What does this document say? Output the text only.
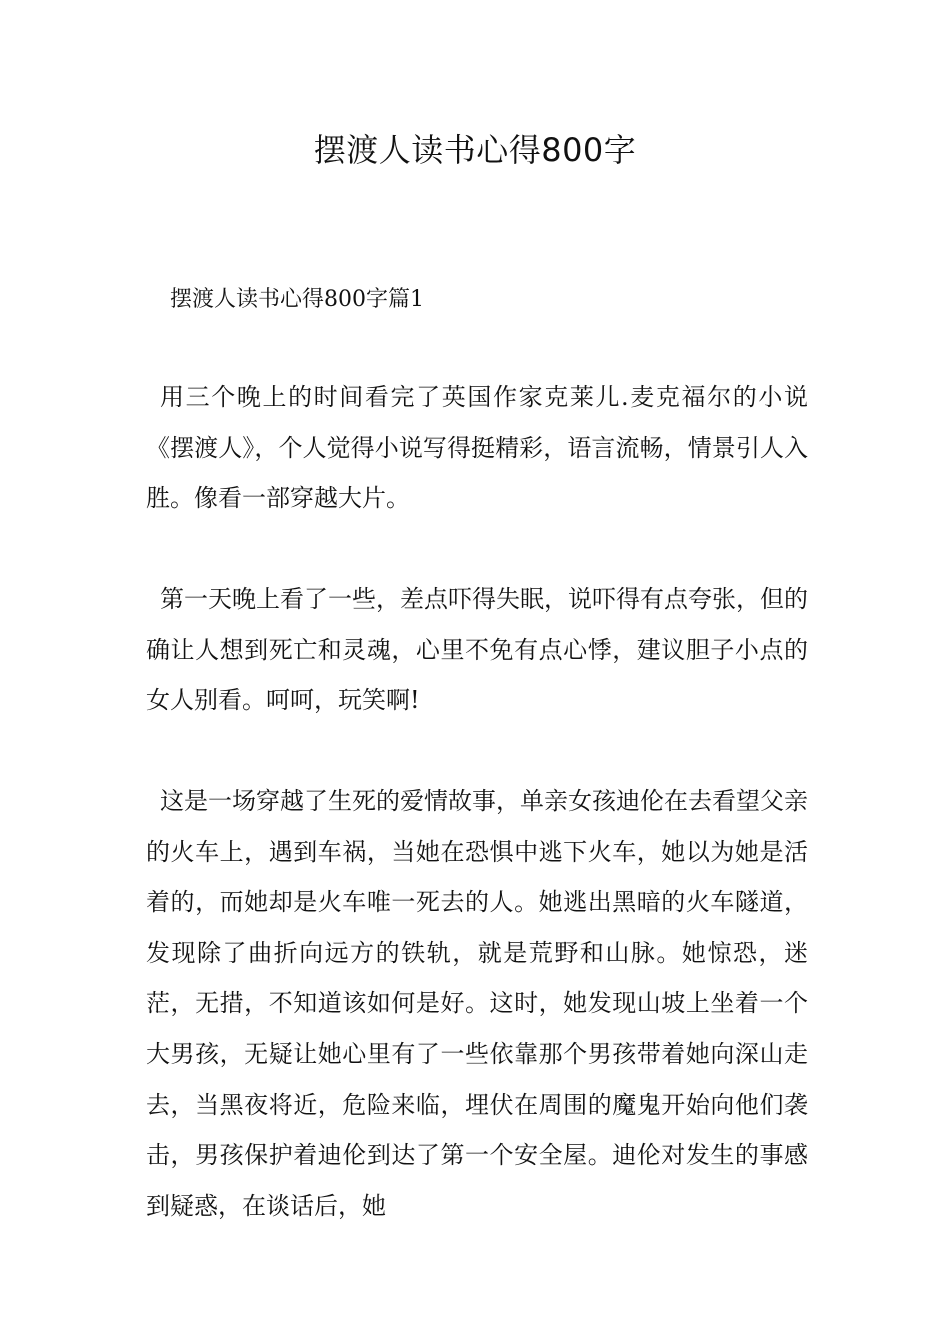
摆渡人读书心得800字
摆渡人读书心得800字篇1

用三个晚上的时间看完了英国作家克莱儿.麦克福尔的小说《摆渡人》，个人觉得小说写得挺精彩，语言流畅，情景引人入胜。像看一部穿越大片。

第一天晚上看了一些，差点吓得失眠，说吓得有点夸张，但的确让人想到死亡和灵魂，心里不免有点心悸，建议胆子小点的女人别看。呵呵，玩笑啊!

这是一场穿越了生死的爱情故事，单亲女孩迪伦在去看望父亲的火车上，遇到车祸，当她在恐惧中逃下火车，她以为她是活着的，而她却是火车唯一死去的人。她逃出黑暗的火车隧道，发现除了曲折向远方的铁轨，就是荒野和山脉。她惊恐，迷茫，无措，不知道该如何是好。这时，她发现山坡上坐着一个大男孩，无疑让她心里有了一些依靠那个男孩带着她向深山走去，当黑夜将近，危险来临，埋伏在周围的魔鬼开始向他们袭击，男孩保护着迪伦到达了第一个安全屋。迪伦对发生的事感到疑惑，在谈话后，她
